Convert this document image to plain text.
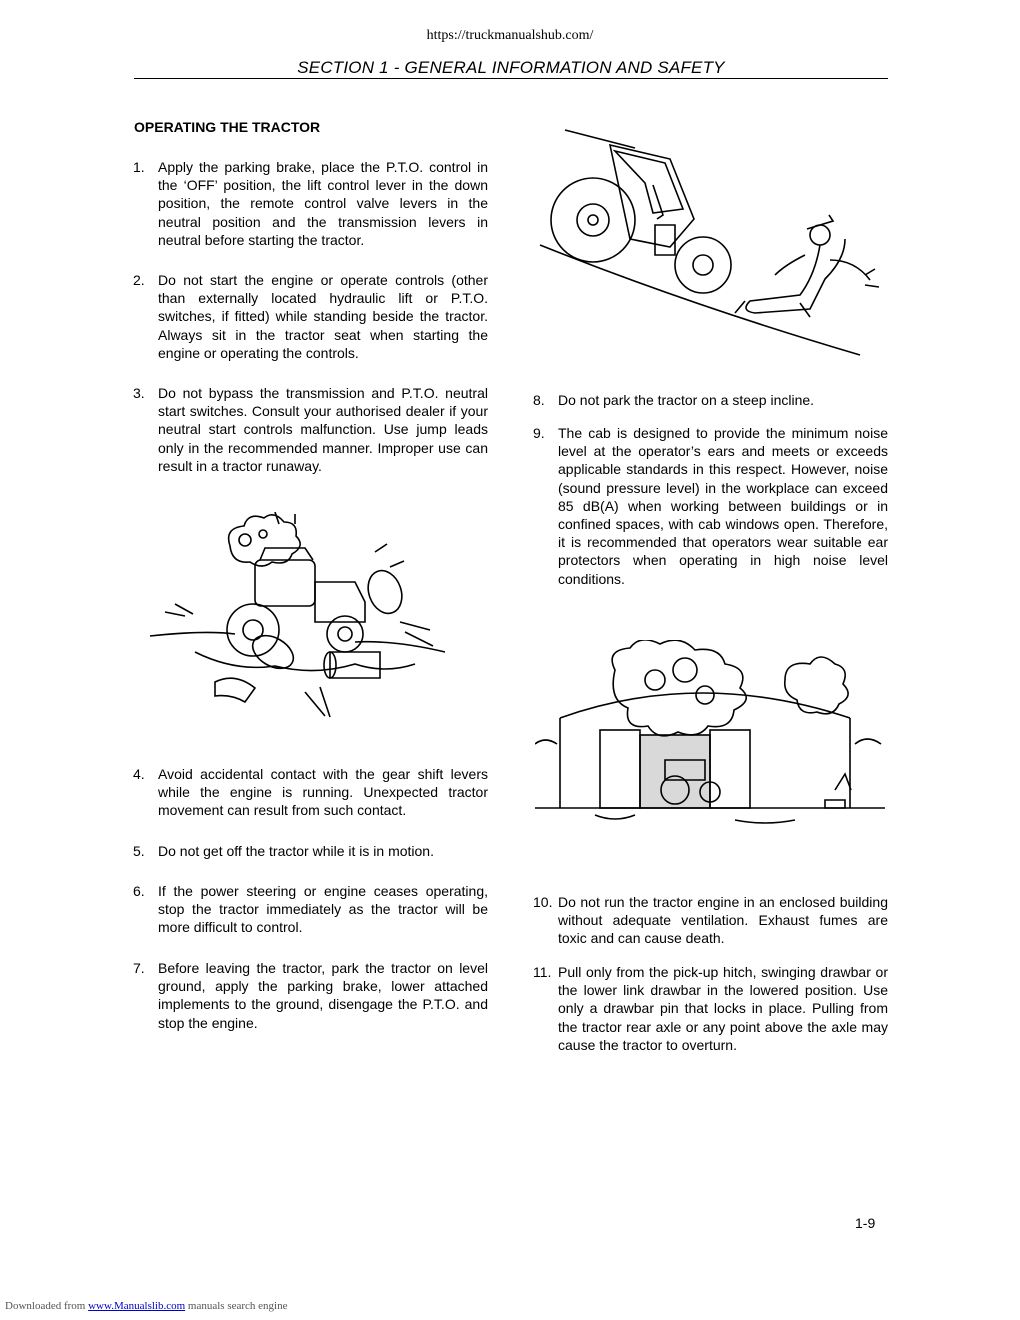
https://truckmanualshub.com/
SECTION 1 - GENERAL INFORMATION AND SAFETY
OPERATING THE TRACTOR
1. Apply the parking brake, place the P.T.O. control in the ‘OFF’ position, the lift control lever in the down position, the remote control valve levers in the neutral position and the transmission levers in neutral before starting the tractor.
2. Do not start the engine or operate controls (other than externally located hydraulic lift or P.T.O. switches, if fitted) while standing beside the tractor. Always sit in the tractor seat when starting the engine or operating the controls.
3. Do not bypass the transmission and P.T.O. neutral start switches. Consult your authorised dealer if your neutral start controls malfunction. Use jump leads only in the recommended manner. Improper use can result in a tractor runaway.
4. Avoid accidental contact with the gear shift levers while the engine is running. Unexpected tractor movement can result from such contact.
5. Do not get off the tractor while it is in motion.
6. If the power steering or engine ceases operating, stop the tractor immediately as the tractor will be more difficult to control.
7. Before leaving the tractor, park the tractor on level ground, apply the parking brake, lower attached implements to the ground, disengage the P.T.O. and stop the engine.
8. Do not park the tractor on a steep incline.
9. The cab is designed to provide the minimum noise level at the operator’s ears and meets or exceeds applicable standards in this respect. However, noise (sound pressure level) in the workplace can exceed 85 dB(A) when working between buildings or in confined spaces, with cab windows open. Therefore, it is recommended that operators wear suitable ear protectors when operating in high noise level conditions.
10. Do not run the tractor engine in an enclosed building without adequate ventilation. Exhaust fumes are toxic and can cause death.
11. Pull only from the pick-up hitch, swinging drawbar or the lower link drawbar in the lowered position. Use only a drawbar pin that locks in place. Pulling from the tractor rear axle or any point above the axle may cause the tractor to overturn.
1-9
Downloaded from www.Manualslib.com manuals search engine
